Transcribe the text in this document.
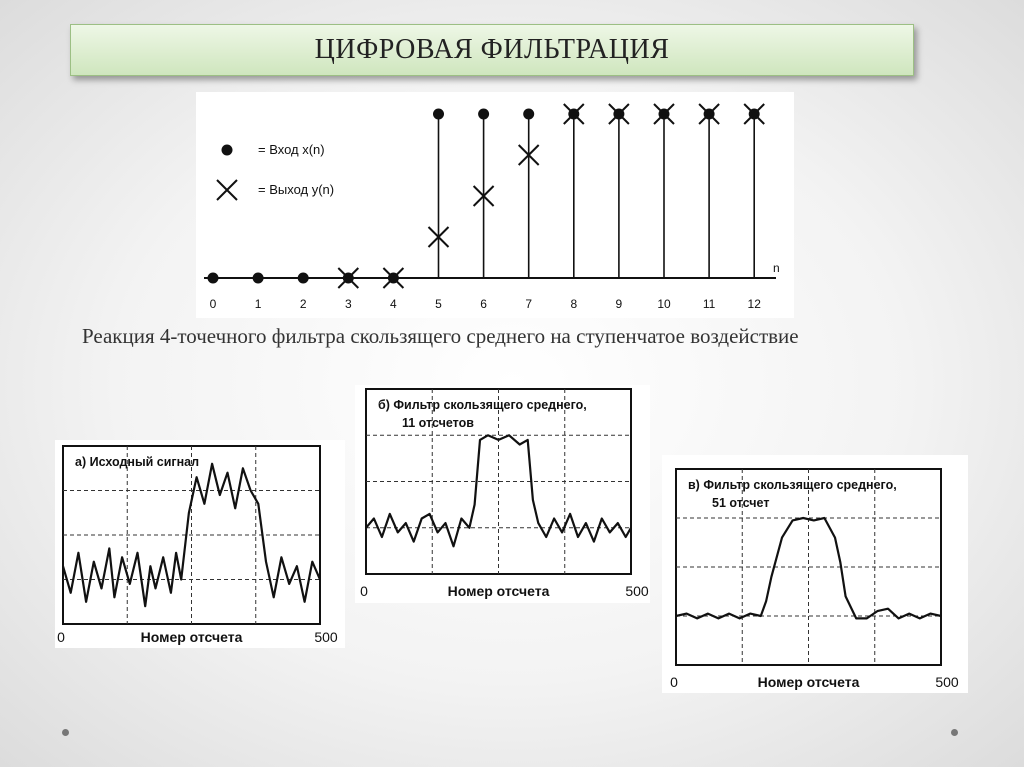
ЦИФРОВАЯ ФИЛЬТРАЦИЯ
n
0	1	2	3	4	5	6	7	8	9	10	11	12
= Вход x(n)
= Выход y(n)
Реакция 4-точечного фильтра скользящего среднего на ступенчатое воздействие
а) Исходный сигнал
0	500
Номер отсчета
б) Фильтр скользящего среднего,
11 отсчетов
0	500
Номер отсчета
в) Фильтр скользящего среднего,
51 отсчет
0	500
Номер отсчета
